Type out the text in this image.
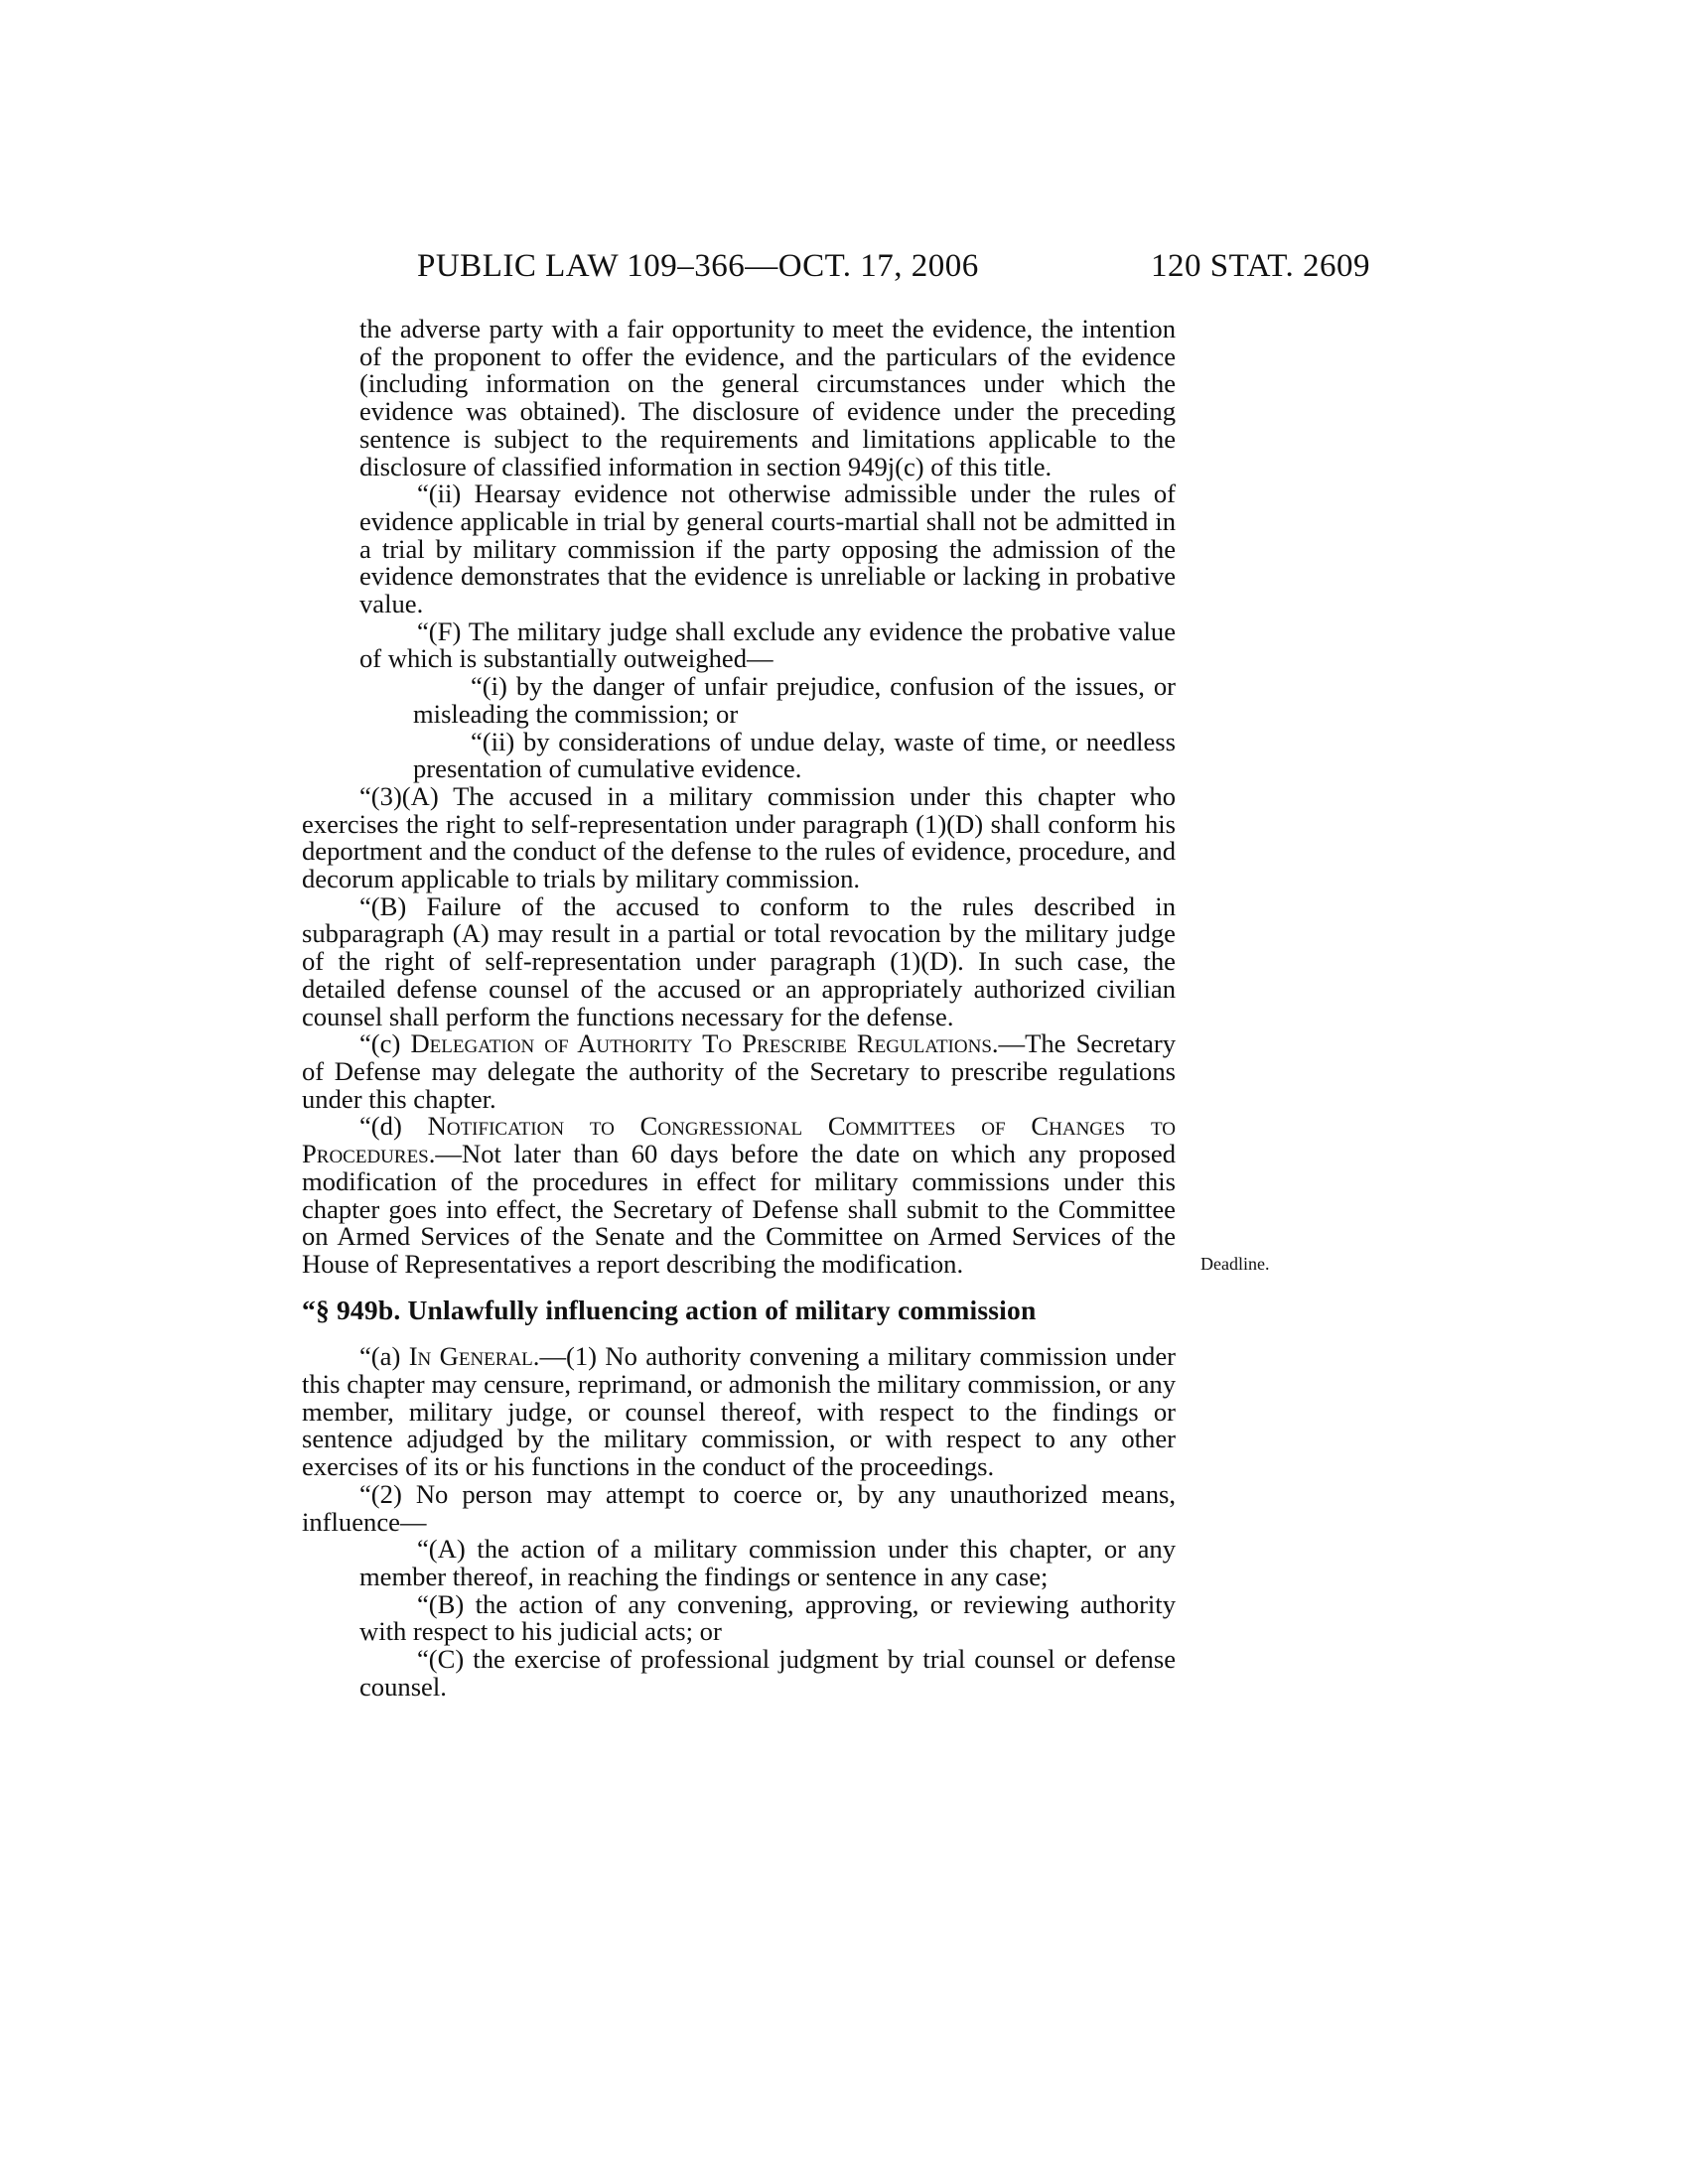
PUBLIC LAW 109–366—OCT. 17, 2006	120 STAT. 2609
Deadline.

the adverse party with a fair opportunity to meet the evidence, the intention of the proponent to offer the evidence, and the particulars of the evidence (including information on the general circumstances under which the evidence was obtained). The disclosure of evidence under the preceding sentence is subject to the requirements and limitations applicable to the disclosure of classified information in section 949j(c) of this title.

“(ii) Hearsay evidence not otherwise admissible under the rules of evidence applicable in trial by general courts-martial shall not be admitted in a trial by military commission if the party opposing the admission of the evidence demonstrates that the evidence is unreliable or lacking in probative value.

“(F) The military judge shall exclude any evidence the probative value of which is substantially outweighed—

“(i) by the danger of unfair prejudice, confusion of the issues, or misleading the commission; or

“(ii) by considerations of undue delay, waste of time, or needless presentation of cumulative evidence.

“(3)(A) The accused in a military commission under this chapter who exercises the right to self-representation under paragraph (1)(D) shall conform his deportment and the conduct of the defense to the rules of evidence, procedure, and decorum applicable to trials by military commission.

“(B) Failure of the accused to conform to the rules described in subparagraph (A) may result in a partial or total revocation by the military judge of the right of self-representation under paragraph (1)(D). In such case, the detailed defense counsel of the accused or an appropriately authorized civilian counsel shall perform the functions necessary for the defense.

“(c) Delegation of Authority To Prescribe Regulations.—The Secretary of Defense may delegate the authority of the Secretary to prescribe regulations under this chapter.

“(d) Notification to Congressional Committees of Changes to Procedures.—Not later than 60 days before the date on which any proposed modification of the procedures in effect for military commissions under this chapter goes into effect, the Secretary of Defense shall submit to the Committee on Armed Services of the Senate and the Committee on Armed Services of the House of Representatives a report describing the modification.

“§ 949b. Unlawfully influencing action of military commission

“(a) In General.—(1) No authority convening a military commission under this chapter may censure, reprimand, or admonish the military commission, or any member, military judge, or counsel thereof, with respect to the findings or sentence adjudged by the military commission, or with respect to any other exercises of its or his functions in the conduct of the proceedings.

“(2) No person may attempt to coerce or, by any unauthorized means, influence—

“(A) the action of a military commission under this chapter, or any member thereof, in reaching the findings or sentence in any case;

“(B) the action of any convening, approving, or reviewing authority with respect to his judicial acts; or

“(C) the exercise of professional judgment by trial counsel or defense counsel.
